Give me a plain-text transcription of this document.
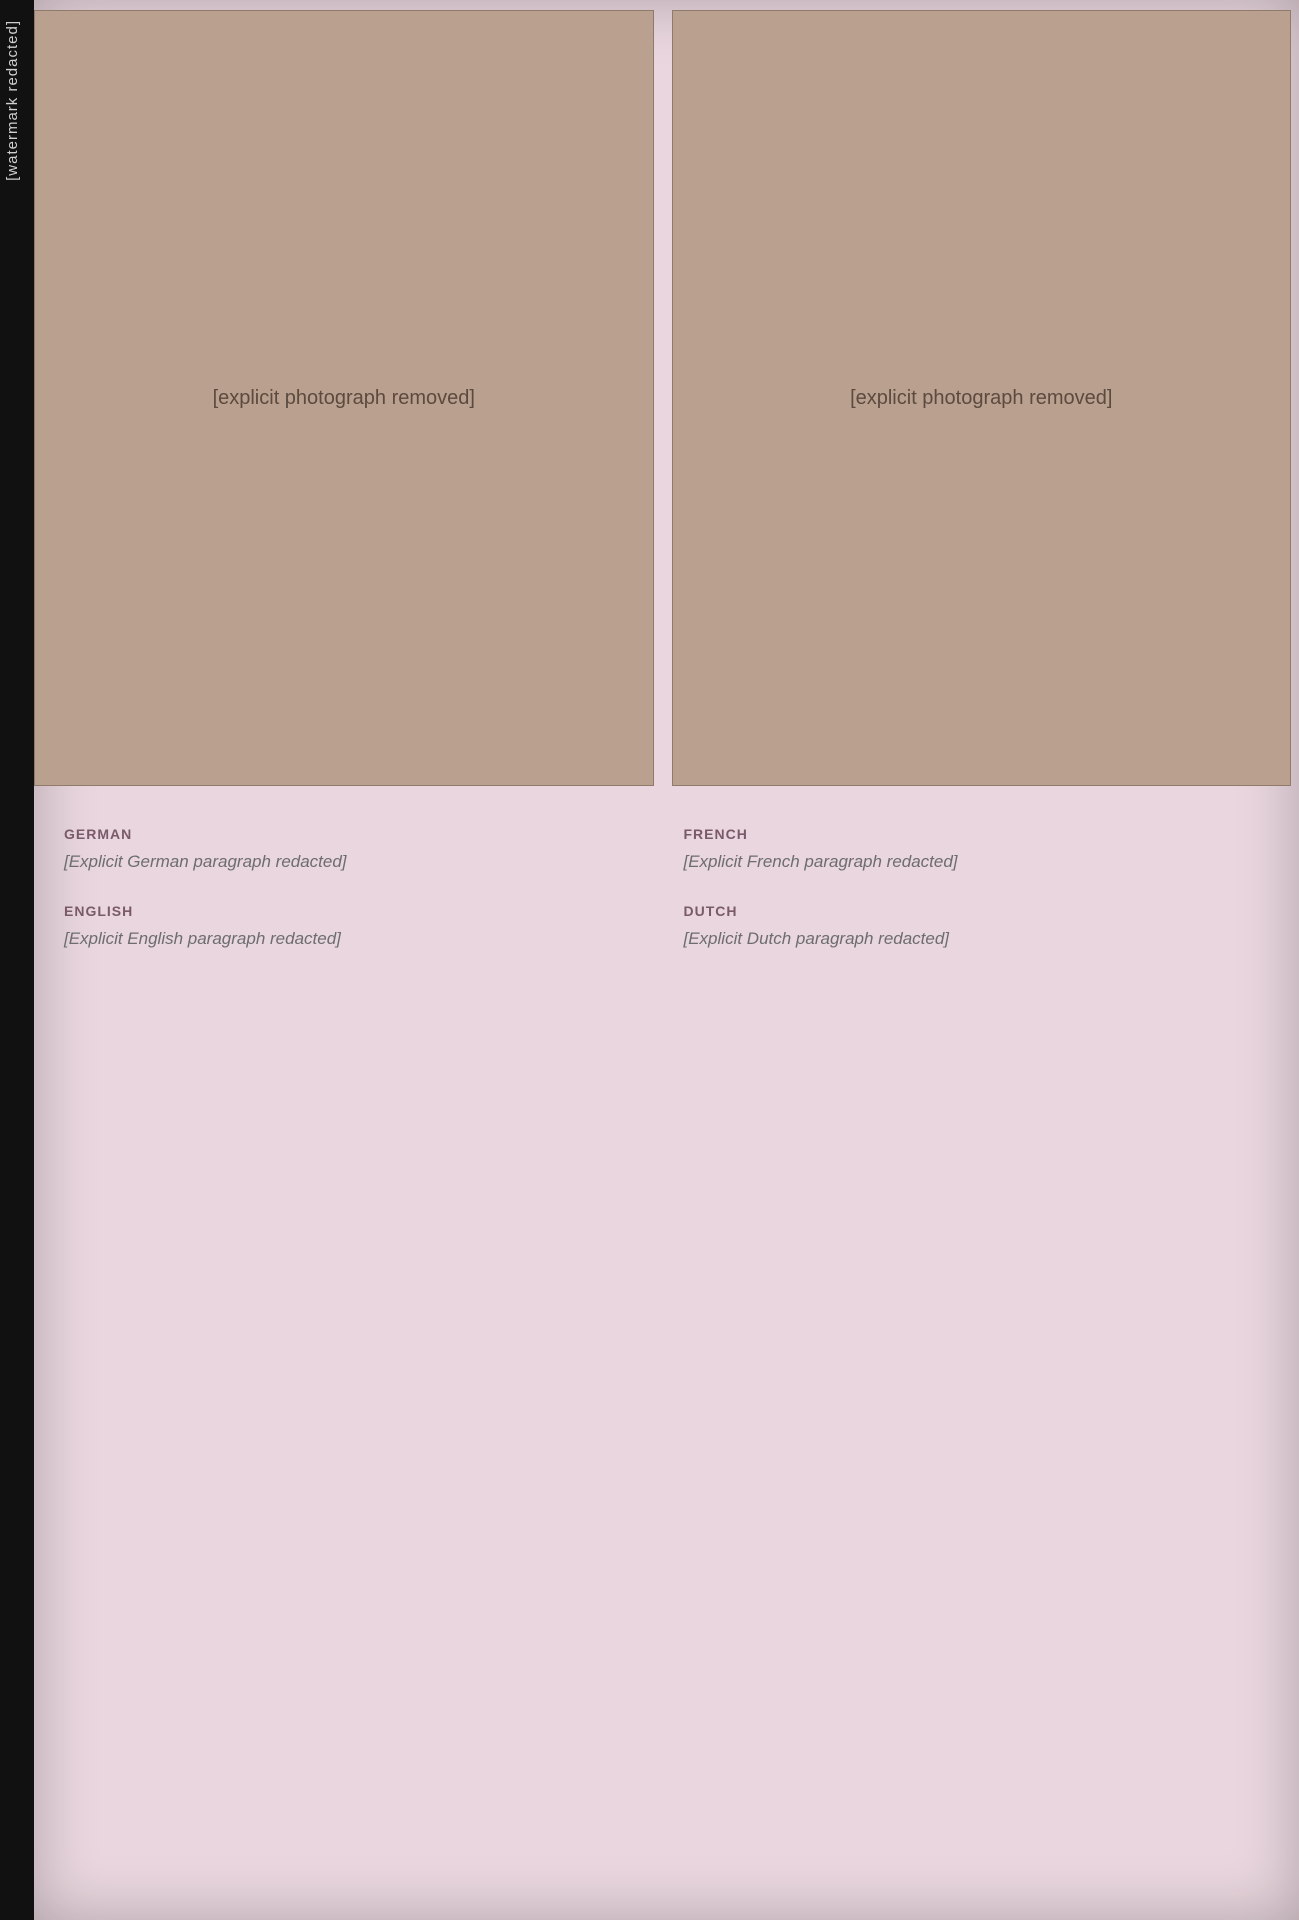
[watermark redacted]
[explicit photograph removed]	[explicit photograph removed]
GERMAN
[Explicit German paragraph redacted]
ENGLISH
[Explicit English paragraph redacted]
FRENCH
[Explicit French paragraph redacted]
DUTCH
[Explicit Dutch paragraph redacted]
